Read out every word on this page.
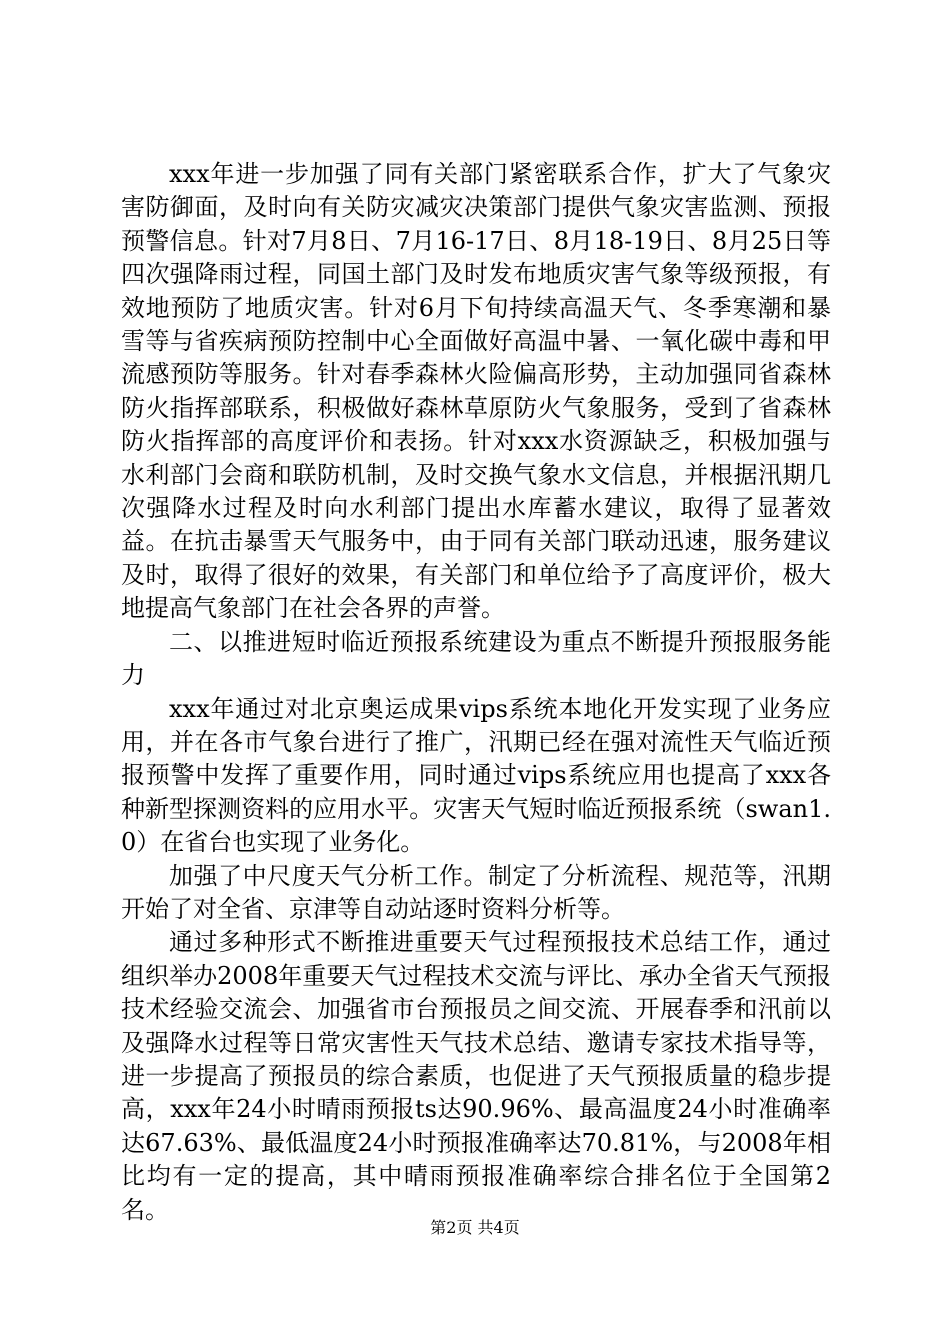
xxx年进一步加强了同有关部门紧密联系合作，扩大了气象灾害防御面，及时向有关防灾减灾决策部门提供气象灾害监测、预报预警信息。针对7月8日、7月16-17日、8月18-19日、8月25日等四次强降雨过程，同国土部门及时发布地质灾害气象等级预报，有效地预防了地质灾害。针对6月下旬持续高温天气、冬季寒潮和暴雪等与省疾病预防控制中心全面做好高温中暑、一氧化碳中毒和甲流感预防等服务。针对春季森林火险偏高形势，主动加强同省森林防火指挥部联系，积极做好森林草原防火气象服务，受到了省森林防火指挥部的高度评价和表扬。针对xxx水资源缺乏，积极加强与水利部门会商和联防机制，及时交换气象水文信息，并根据汛期几次强降水过程及时向水利部门提出水库蓄水建议，取得了显著效益。在抗击暴雪天气服务中，由于同有关部门联动迅速，服务建议及时，取得了很好的效果，有关部门和单位给予了高度评价，极大地提高气象部门在社会各界的声誉。

二、以推进短时临近预报系统建设为重点不断提升预报服务能力

xxx年通过对北京奥运成果vips系统本地化开发实现了业务应用，并在各市气象台进行了推广，汛期已经在强对流性天气临近预报预警中发挥了重要作用，同时通过vips系统应用也提高了xxx各种新型探测资料的应用水平。灾害天气短时临近预报系统（swan1.0）在省台也实现了业务化。

加强了中尺度天气分析工作。制定了分析流程、规范等，汛期开始了对全省、京津等自动站逐时资料分析等。

通过多种形式不断推进重要天气过程预报技术总结工作，通过组织举办2008年重要天气过程技术交流与评比、承办全省天气预报技术经验交流会、加强省市台预报员之间交流、开展春季和汛前以及强降水过程等日常灾害性天气技术总结、邀请专家技术指导等，进一步提高了预报员的综合素质，也促进了天气预报质量的稳步提高，xxx年24小时晴雨预报ts达90.96%、最高温度24小时准确率达67.63%、最低温度24小时预报准确率达70.81%，与2008年相比均有一定的提高，其中晴雨预报准确率综合排名位于全国第2名。

第2页 共4页
